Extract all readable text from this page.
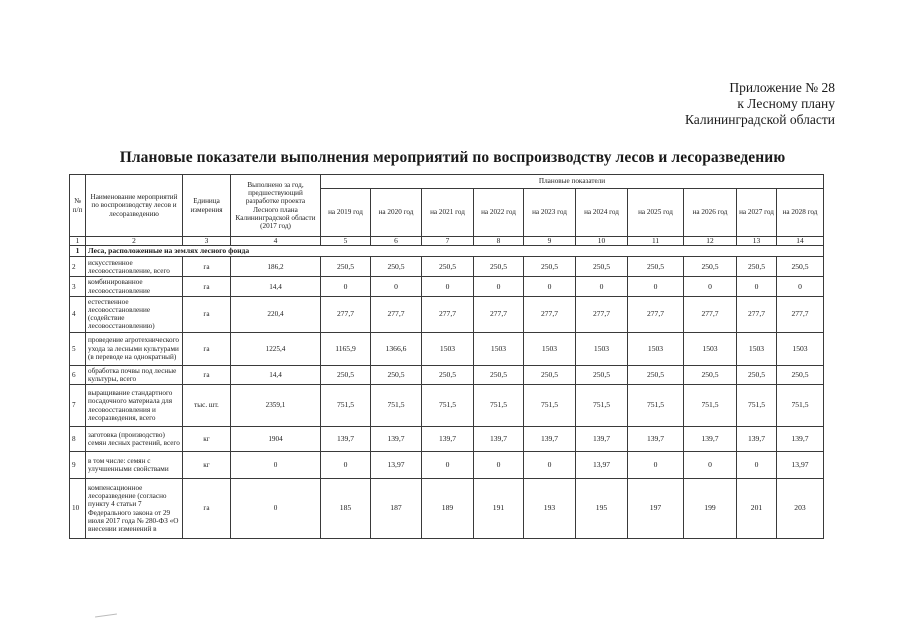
Приложение № 28
к Лесному плану
Калининградской области
Плановые показатели выполнения мероприятий по воспроизводству лесов и лесоразведению
№ п/п	Наименование мероприятий по воспроизводству лесов и лесоразведению	Единица измерения	Выполнено за год, предшествующий разработке проекта Лесного плана Калининградской области (2017 год)	Плановые показатели									
				на 2019 год	на 2020 год	на 2021 год	на 2022 год	на 2023 год	на 2024 год	на 2025 год	на 2026 год	на 2027 год	на 2028 год
1	2	3	4	5	6	7	8	9	10	11	12	13	14
1	Леса, расположенные на землях лесного фонда												
2	искусственное лесовосстановление, всего	га	186,2	250,5	250,5	250,5	250,5	250,5	250,5	250,5	250,5	250,5	250,5
3	комбинированное лесовосстановление	га	14,4	0	0	0	0	0	0	0	0	0	0
4	естественное лесовосстановление (содействие лесовосстановлению)	га	220,4	277,7	277,7	277,7	277,7	277,7	277,7	277,7	277,7	277,7	277,7
5	проведение агротехнического ухода за лесными культурами (в переводе на однократный)	га	1225,4	1165,9	1366,6	1503	1503	1503	1503	1503	1503	1503	1503
6	обработка почвы под лесные культуры, всего	га	14,4	250,5	250,5	250,5	250,5	250,5	250,5	250,5	250,5	250,5	250,5
7	выращивание стандартного посадочного материала для лесовосстановления и лесоразведения, всего	тыс. шт.	2359,1	751,5	751,5	751,5	751,5	751,5	751,5	751,5	751,5	751,5	751,5
8	заготовка (производство) семян лесных растений, всего	кг	1904	139,7	139,7	139,7	139,7	139,7	139,7	139,7	139,7	139,7	139,7
9	в том числе: семян с улучшенными свойствами	кг	0	0	13,97	0	0	0	13,97	0	0	0	13,97
10	компенсационное лесоразведение (согласно пункту 4 статьи 7 Федерального закона от 29 июля 2017 года № 280-ФЗ «О внесении изменений в	га	0	185	187	189	191	193	195	197	199	201	203
